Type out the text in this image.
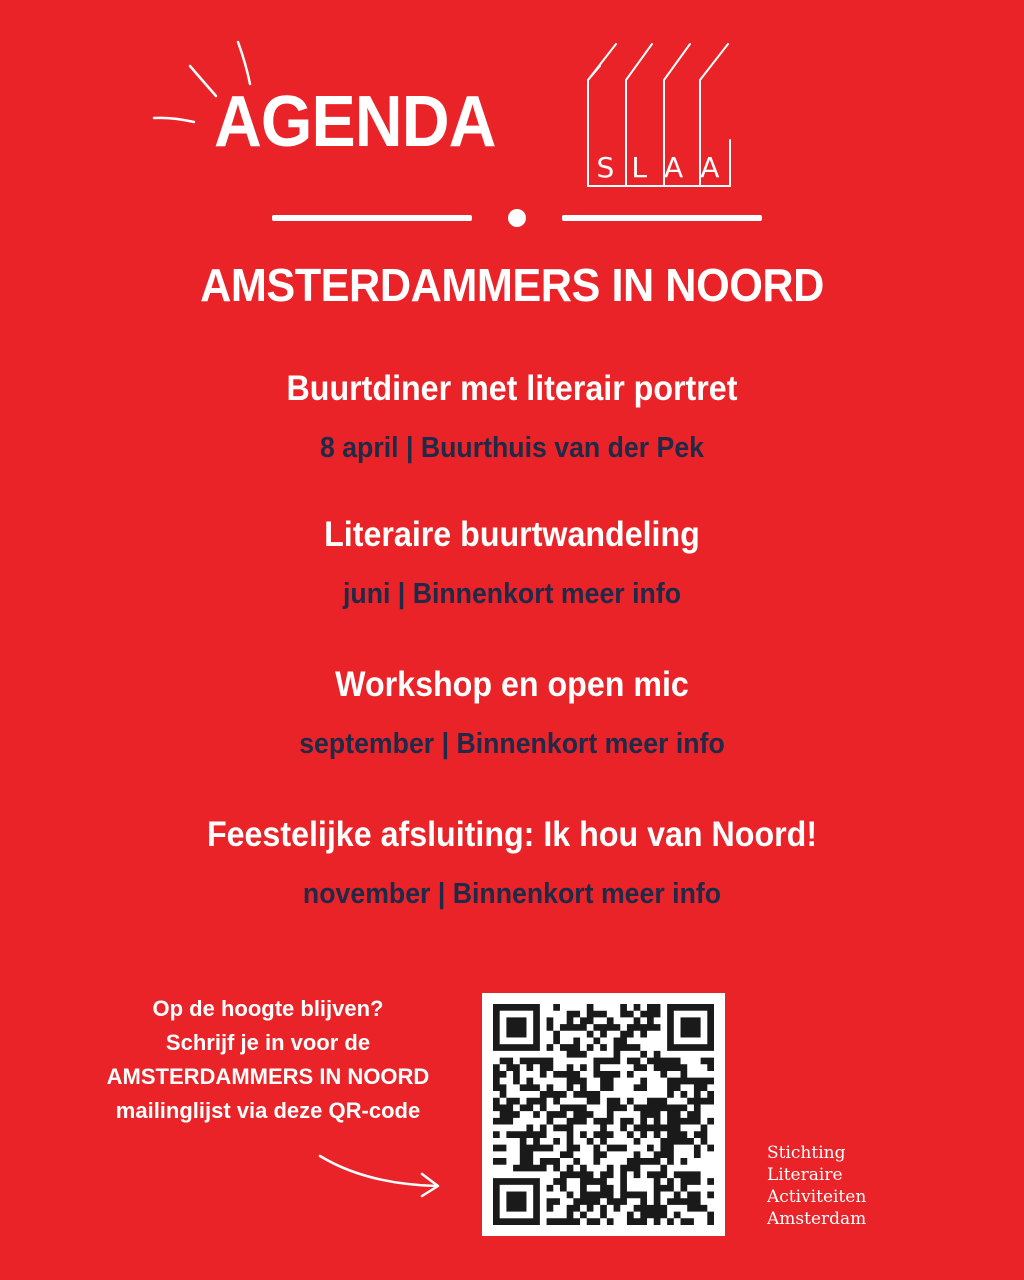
AGENDA
S L A A
AMSTERDAMMERS IN NOORD
Buurtdiner met literair portret
8 april | Buurthuis van der Pek
Literaire buurtwandeling
juni | Binnenkort meer info
Workshop en open mic
september | Binnenkort meer info
Feestelijke afsluiting: Ik hou van Noord!
november | Binnenkort meer info
Op de hoogte blijven?
Schrijf je in voor de
AMSTERDAMMERS IN NOORD
mailinglijst via deze QR-code
Stichting
Literaire
Activiteiten
Amsterdam
